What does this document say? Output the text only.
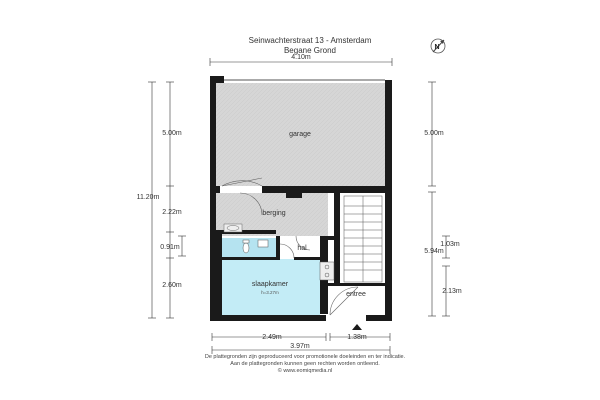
Seinwachterstraat 13 - Amsterdam
Begane Grond	N
4.10m
garage
berging
hal
slaapkamer
h=3.27m	entree
11.20m
5.00m
2.22m
0.91m
2.60m
5.00m
5.94m
1.03m
2.13m
2.49m	1.38m
3.97m
De plattegronden zijn geproduceerd voor promotionele doeleinden en ter indicatie.
Aan de plattegronden kunnen geen rechten worden ontleend.
© www.eomiqmedia.nl
